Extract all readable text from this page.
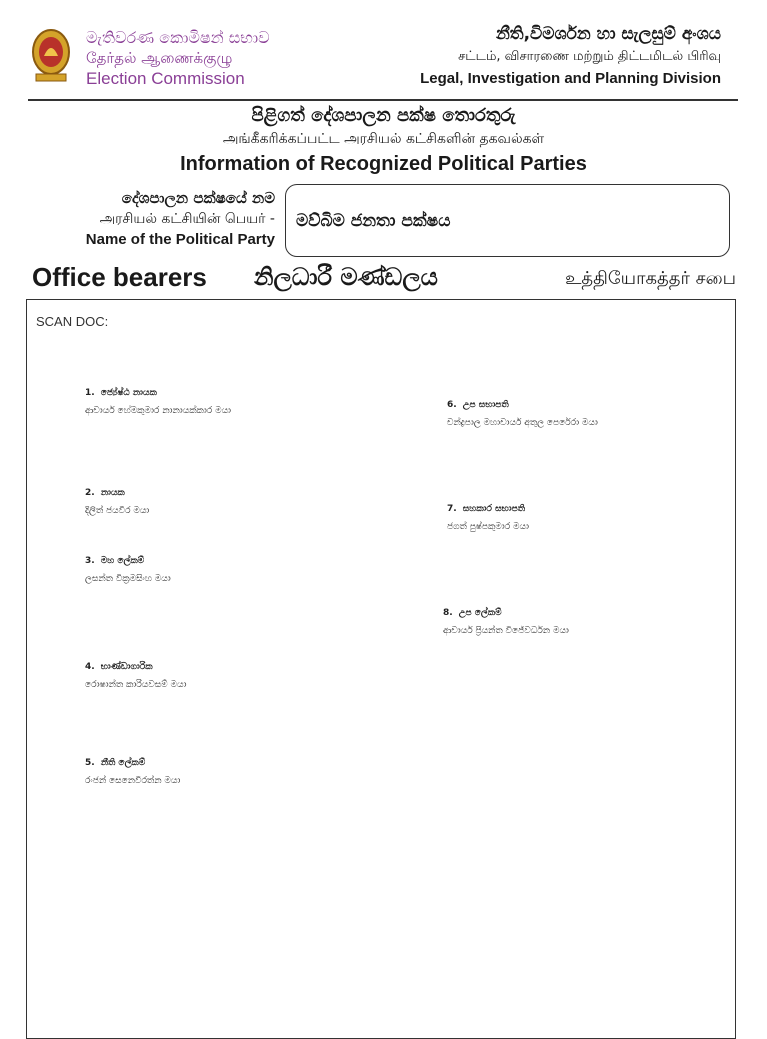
මැතිවරණ කොමිෂන් සභාව
தேர்தல் ஆணைக்குழு
Election Commission
නීති,විමර්ශන හා සැලසුම් අංශය
சட்டம், விசாரணை மற்றும் திட்டமிடல் பிரிவு
Legal, Investigation and Planning Division
පිළිගත් දේශපාලන පක්ෂ තොරතුරු
அங்கீகரிக்கப்பட்ட அரசியல் கட்சிகளின் தகவல்கள்
Information of Recognized Political Parties
දේශපාලන පක්ෂයේ නම
அரசியல் கட்சியின் பெயர் -
Name of the Political Party
මව්බිම ජනතා පක්ෂය
Office bearers නිලධාරී මණ්ඩලය	உத்தியோகத்தர் சபை
SCAN DOC:
1. ජ්‍යේෂ්ඨ නායක
ආචාර්ය හේමකුමාර නානායක්කාර මයා
2. නායක
දිලිත් ජයවීර මයා
3. මහ ලේකම්
ලසන්ත වික්‍රමසිංහ මයා
4. භාණ්ඩාගාරික
රොෂාන්ත කාරියවසම් මයා
5. නීති ලේකම්
රංජන් සෙනෙවිරත්න මයා
6. උප සභාපති
චන්ද්‍රපාල මහාචාර්ය අතුල පෙරේරා මයා
7. සහකාර සභාපති
ජගත් පුෂ්පකුමාර මයා
8. උප ලේකම්
ආචාර්ය ප්‍රියන්ත විජේවර්ධන මයා
